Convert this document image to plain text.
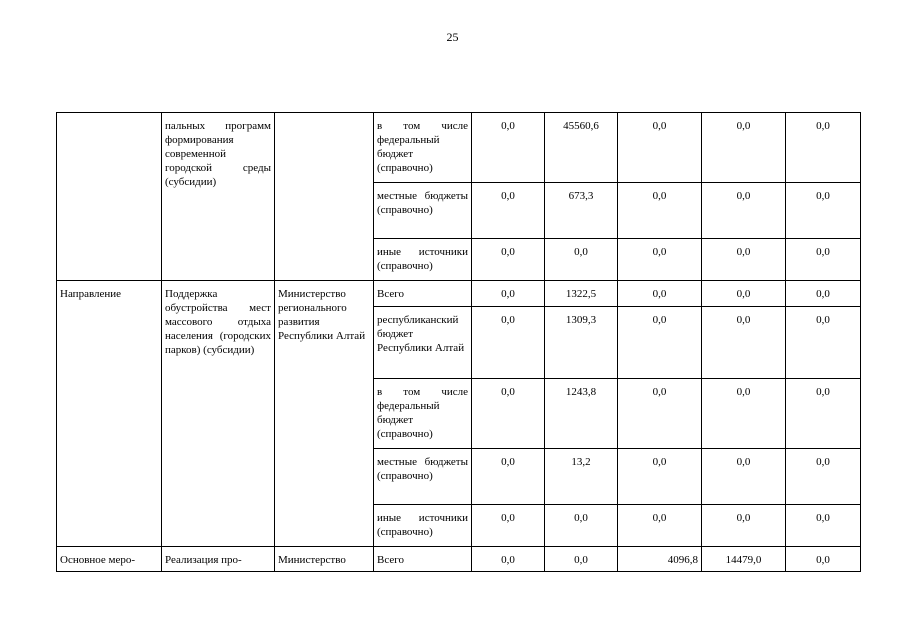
25
	пальных программ формирования современной городской среды (субсидии)		в том числе федеральный бюджет (справочно)	0,0	45560,6	0,0	0,0	0,0
			местные бюджеты (справочно)	0,0	673,3	0,0	0,0	0,0
			иные источники (справочно)	0,0	0,0	0,0	0,0	0,0
Направление	Поддержка обустройства мест массового отдыха населения (городских парков) (субсидии)	Министерство регионального развития Республики Алтай	Всего	0,0	1322,5	0,0	0,0	0,0
			республиканский бюджет Республики Алтай	0,0	1309,3	0,0	0,0	0,0
			в том числе федеральный бюджет (справочно)	0,0	1243,8	0,0	0,0	0,0
			местные бюджеты (справочно)	0,0	13,2	0,0	0,0	0,0
			иные источники (справочно)	0,0	0,0	0,0	0,0	0,0
Основное меро-	Реализация про-	Министерство	Всего	0,0	0,0	4096,8	14479,0	0,0
